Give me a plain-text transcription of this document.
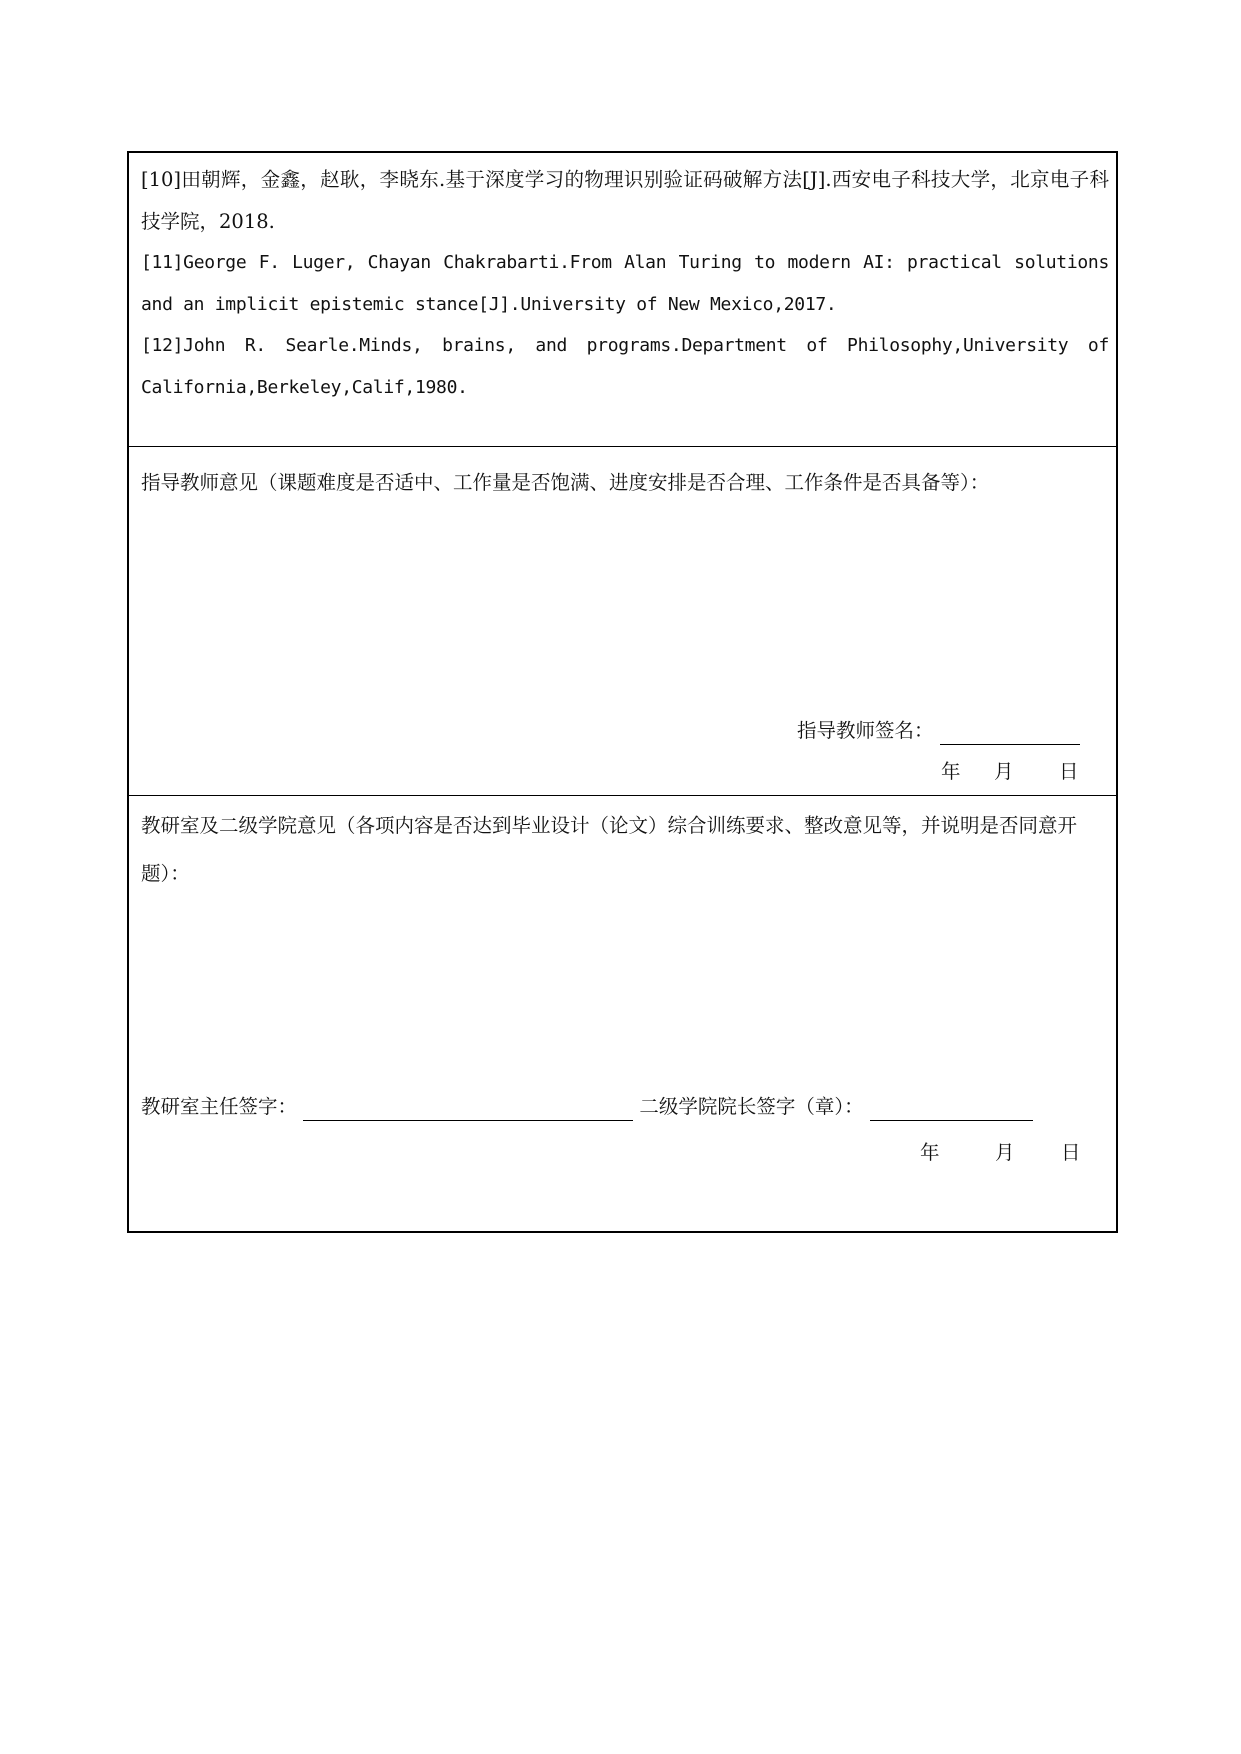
[10]田朝辉，金鑫，赵耿，李晓东.基于深度学习的物理识别验证码破解方法[J].西安电子科技大学，北京电子科技学院，2018.
[11]George F. Luger, Chayan Chakrabarti.From Alan Turing to modern AI: practical solutions and an implicit epistemic stance[J].University of New Mexico,2017.
[12]John R. Searle.Minds, brains, and programs.Department of Philosophy,University of California,Berkeley,Calif,1980.
指导教师意见（课题难度是否适中、工作量是否饱满、进度安排是否合理、工作条件是否具备等）：
指导教师签名：
年 月 日
教研室及二级学院意见（各项内容是否达到毕业设计（论文）综合训练要求、整改意见等，并说明是否同意开题）：
教研室主任签字：	二级学院院长签字（章）：
年	月 日
